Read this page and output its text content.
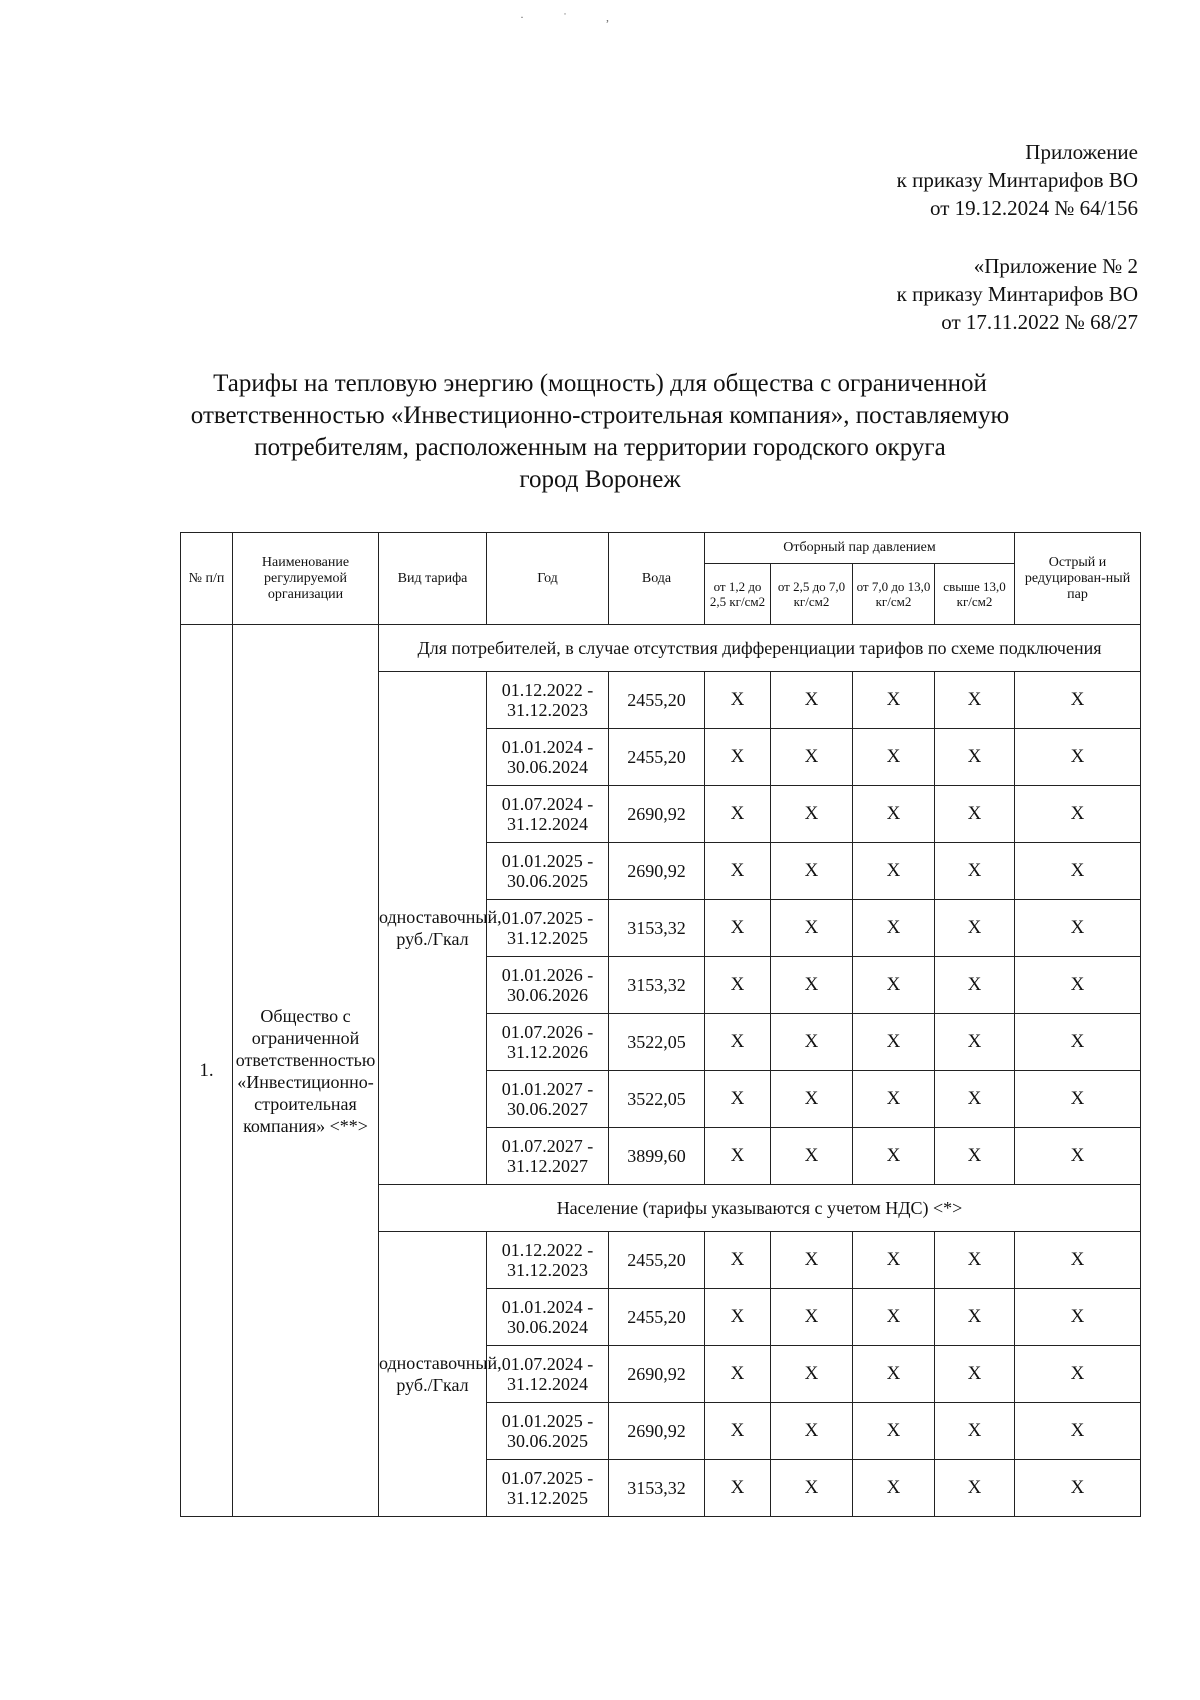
· ˙ ,
Приложение
к приказу Минтарифов ВО
от 19.12.2024 № 64/156
«Приложение № 2
к приказу Минтарифов ВО
от 17.11.2022 № 68/27
Тарифы на тепловую энергию (мощность) для общества с ограниченной
ответственностью «Инвестиционно-строительная компания», поставляемую
потребителям, расположенным на территории городского округа
город Воронеж
№ п/п	Наименование регулируемой организации	Вид тарифа	Год	Вода	Отборный пар давлением				Острый и редуцирован-ный пар
					от 1,2 до 2,5 кг/см2	от 2,5 до 7,0 кг/см2	от 7,0 до 13,0 кг/см2	свыше 13,0 кг/см2	
1.	Общество с ограниченной ответственностью «Инвестиционно-строительная компания» <**>	Для потребителей, в случае отсутствия дифференциации тарифов по схеме подключения							
		одноставочный, руб./Гкал	01.12.2022 - 31.12.2023	2455,20	X	X	X	X	X
			01.01.2024 - 30.06.2024	2455,20	X	X	X	X	X
			01.07.2024 - 31.12.2024	2690,92	X	X	X	X	X
			01.01.2025 - 30.06.2025	2690,92	X	X	X	X	X
			01.07.2025 - 31.12.2025	3153,32	X	X	X	X	X
			01.01.2026 - 30.06.2026	3153,32	X	X	X	X	X
			01.07.2026 - 31.12.2026	3522,05	X	X	X	X	X
			01.01.2027 - 30.06.2027	3522,05	X	X	X	X	X
			01.07.2027 - 31.12.2027	3899,60	X	X	X	X	X
		Население (тарифы указываются с учетом НДС) <*>							
		одноставочный, руб./Гкал	01.12.2022 - 31.12.2023	2455,20	X	X	X	X	X
			01.01.2024 - 30.06.2024	2455,20	X	X	X	X	X
			01.07.2024 - 31.12.2024	2690,92	X	X	X	X	X
			01.01.2025 - 30.06.2025	2690,92	X	X	X	X	X
			01.07.2025 - 31.12.2025	3153,32	X	X	X	X	X
